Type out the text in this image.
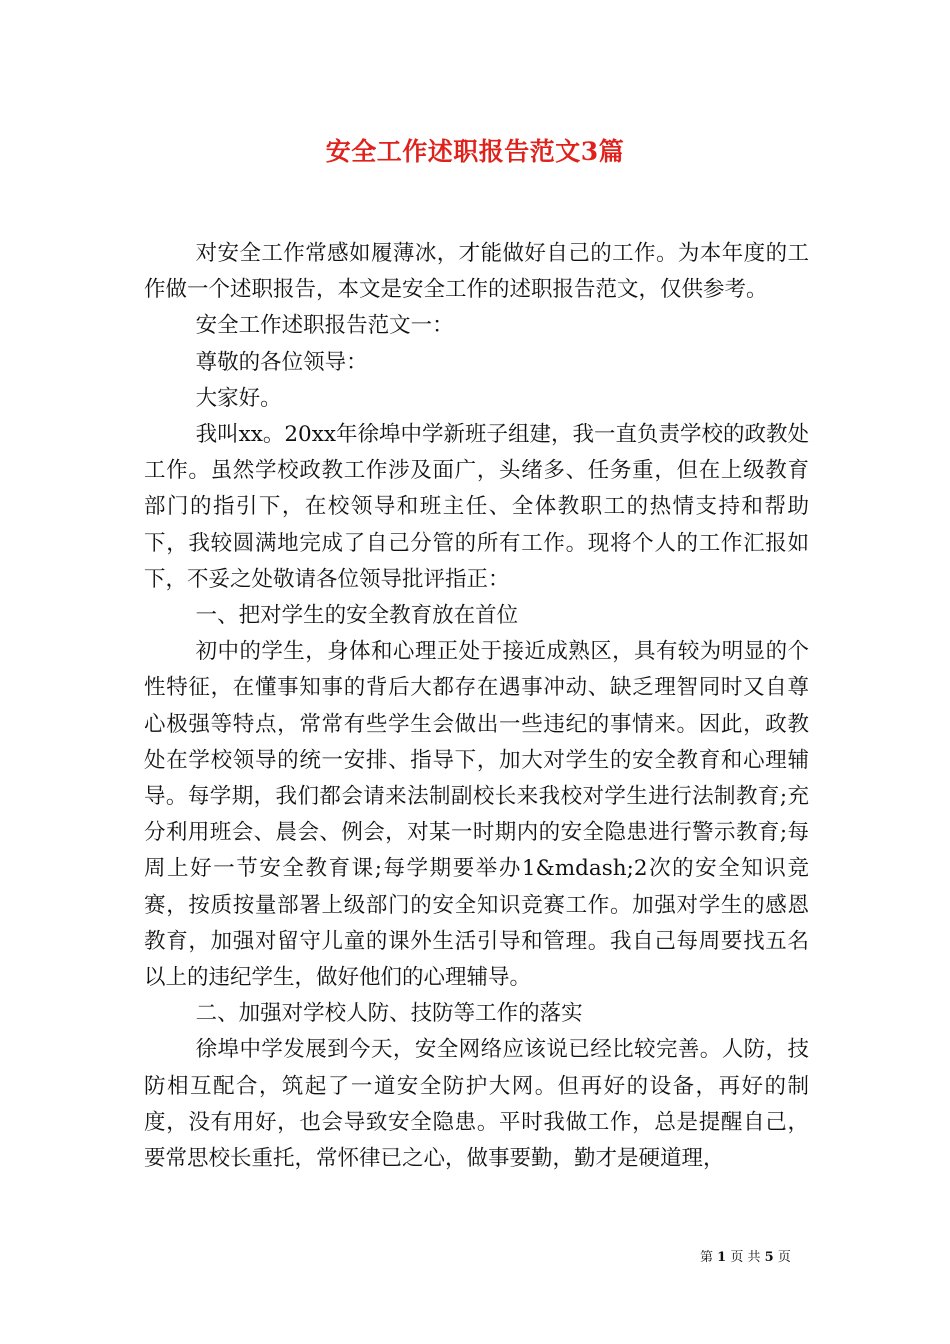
安全工作述职报告范文3篇

对安全工作常感如履薄冰，才能做好自己的工作。为本年度的工作做一个述职报告，本文是安全工作的述职报告范文，仅供参考。

安全工作述职报告范文一：

尊敬的各位领导：

大家好。

我叫xx。20xx年徐埠中学新班子组建，我一直负责学校的政教处工作。虽然学校政教工作涉及面广，头绪多、任务重，但在上级教育部门的指引下，在校领导和班主任、全体教职工的热情支持和帮助下，我较圆满地完成了自己分管的所有工作。现将个人的工作汇报如下，不妥之处敬请各位领导批评指正：

一、把对学生的安全教育放在首位

初中的学生，身体和心理正处于接近成熟区，具有较为明显的个性特征，在懂事知事的背后大都存在遇事冲动、缺乏理智同时又自尊心极强等特点，常常有些学生会做出一些违纪的事情来。因此，政教处在学校领导的统一安排、指导下，加大对学生的安全教育和心理辅导。每学期，我们都会请来法制副校长来我校对学生进行法制教育;充分利用班会、晨会、例会，对某一时期内的安全隐患进行警示教育;每周上好一节安全教育课;每学期要举办1&mdash;2次的安全知识竞赛，按质按量部署上级部门的安全知识竞赛工作。加强对学生的感恩教育，加强对留守儿童的课外生活引导和管理。我自己每周要找五名以上的违纪学生，做好他们的心理辅导。

二、加强对学校人防、技防等工作的落实

徐埠中学发展到今天，安全网络应该说已经比较完善。人防，技防相互配合，筑起了一道安全防护大网。但再好的设备，再好的制度，没有用好，也会导致安全隐患。平时我做工作，总是提醒自己，要常思校长重托，常怀律已之心，做事要勤，勤才是硬道理，

第 1 页 共 5 页
